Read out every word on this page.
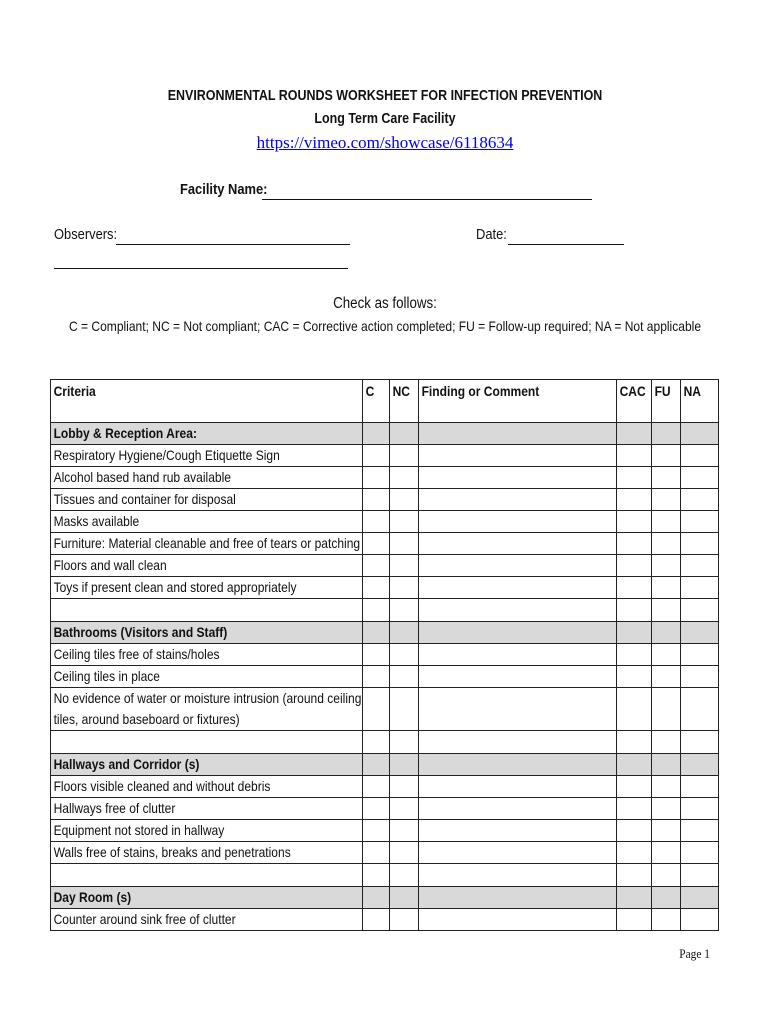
ENVIRONMENTAL ROUNDS WORKSHEET FOR INFECTION PREVENTION
Long Term Care Facility
https://vimeo.com/showcase/6118634
Facility Name:
Observers:	Date:
Check as follows:
C = Compliant; NC = Not compliant; CAC = Corrective action completed; FU = Follow-up required; NA = Not applicable
Criteria	C	NC	Finding or Comment	CAC	FU	NA

Lobby & Reception Area:						

Respiratory Hygiene/Cough Etiquette Sign						

Alcohol based hand rub available						

Tissues and container for disposal						

Masks available						

Furniture: Material cleanable and free of tears or patching						

Floors and wall clean						

Toys if present clean and stored appropriately						

Bathrooms (Visitors and Staff)						

Ceiling tiles free of stains/holes						

Ceiling tiles in place						

No evidence of water or moisture intrusion (around ceiling tiles, around baseboard or fixtures)						

Hallways and Corridor (s)						

Floors visible cleaned and without debris						

Hallways free of clutter						

Equipment not stored in hallway						

Walls free of stains, breaks and penetrations						

Day Room (s)						

Counter around sink free of clutter						

Page 1
